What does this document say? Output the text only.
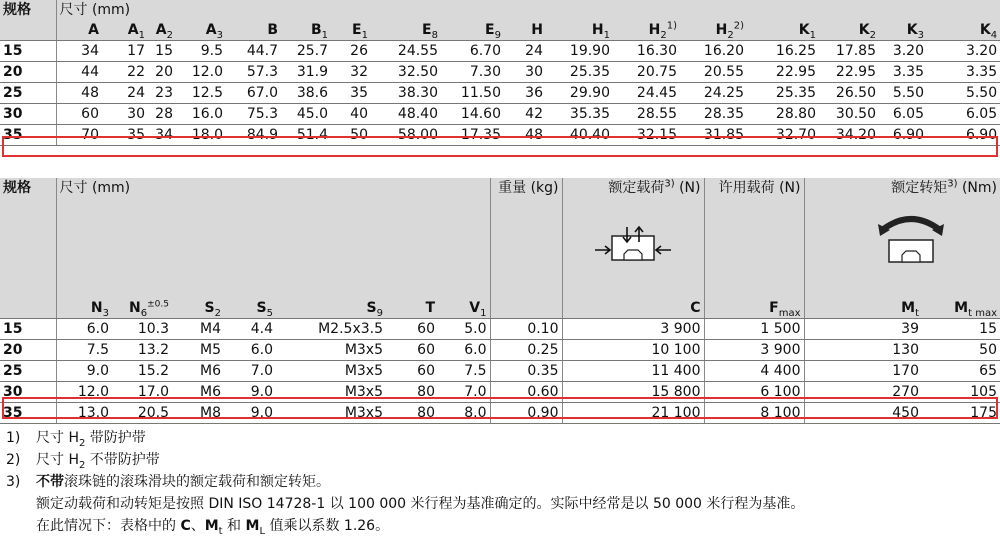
规格	尺寸 (mm)																
	A	$A_1$	$A_2$	$A_3$	B	$B_1$	$E_1$	$E_8$	$E_9$	H	$H_1$	$H_2^{1)}$	$H_2^{2)}$	$K_1$	$K_2$	$K_3$	$K_4$
15	34	17	15	9.5	44.7	25.7	26	24.55	6.70	24	19.90	16.30	16.20	16.25	17.85	3.20	3.20
20	44	22	20	12.0	57.3	31.9	32	32.50	7.30	30	25.35	20.75	20.55	22.95	22.95	3.35	3.35
25	48	24	23	12.5	67.0	38.6	35	38.30	11.50	36	29.90	24.45	24.25	25.35	26.50	5.50	5.50
30	60	30	28	16.0	75.3	45.0	40	48.40	14.60	42	35.35	28.55	28.35	28.80	30.50	6.05	6.05
35	70	35	34	18.0	84.9	51.4	50	58.00	17.35	48	40.40	32.15	31.85	32.70	34.20	6.90	6.90
规格	尺寸 (mm)							重量 (kg)	额定载荷$^{3)}$ (N)	许用载荷 (N)	额定转矩$^{3)}$ (Nm)	

	$N_3$	$N_6^{\pm 0.5}$	$S_2$	$S_5$	$S_9$	T	$V_1$		C	$F_{max}$	$M_t$	$M_{t max}$
15	6.0	10.3	M4	4.4	M2.5x3.5	60	5.0	0.10	3 900	1 500	39	15
20	7.5	13.2	M5	6.0	M3x5	60	6.0	0.25	10 100	3 900	130	50
25	9.0	15.2	M6	7.0	M3x5	60	7.5	0.35	11 400	4 400	170	65
30	12.0	17.0	M6	9.0	M3x5	80	7.0	0.60	15 800	6 100	270	105
35	13.0	20.5	M8	9.0	M3x5	80	8.0	0.90	21 100	8 100	450	175
1)	尺寸 $H_2$ 带防护带
2)	尺寸 $H_2$ 不带防护带
3)	不带滚珠链的滚珠滑块的额定载荷和额定转矩。
额定动载荷和动转矩是按照 DIN ISO 14728-1 以 100 000 米行程为基准确定的。实际中经常是以 50 000 米行程为基准。
在此情况下：表格中的 C、$M_t$ 和 $M_L$ 值乘以系数 1.26。
